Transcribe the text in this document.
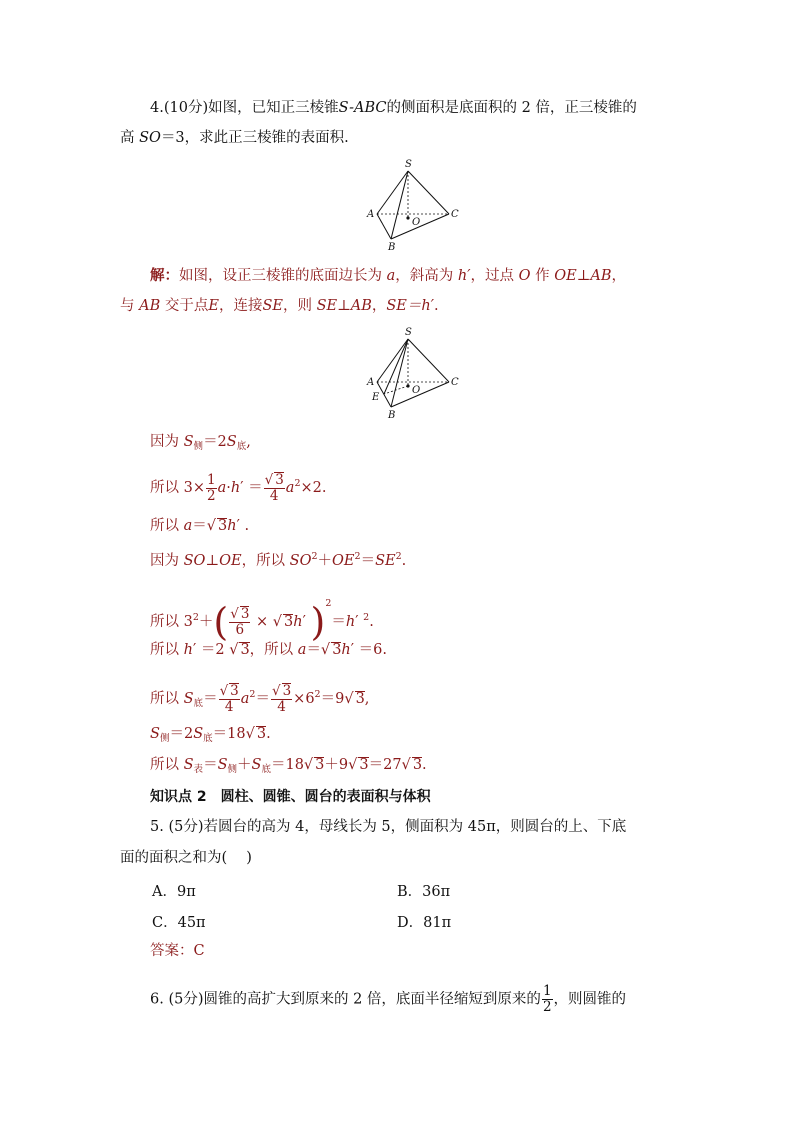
4.(10分)如图，已知正三棱锥S-ABC的侧面积是底面积的 2 倍，正三棱锥的
高 SO＝3，求此正三棱锥的表面积.
S
A
B
C
O
解：如图，设正三棱锥的底面边长为 a，斜高为 h′，过点 O 作 OE⊥AB，
与 AB 交于点E，连接SE，则 SE⊥AB，SE＝h′.
S
A
E
B
C
O
因为 $S_侧=2S_底$,
所以 $3\times \frac{1}{2} a\cdot h' = \frac{√ 3}{4} a^2\times 2$.
所以 a＝√ 3h′ .
因为 SO⊥OE，所以 $SO^2+OE^2=SE^2$.
所以 $3^2+( \frac{√ 3}{6}$ × √ 3h′ )$^2$＝h′ $^2$.
所以 h′ ＝2 √ 3，所以 a＝√ 3h′ ＝6.
所以 $S_底= \frac{√ 3}{4} a^2= \frac{√ 3}{4} \times 6^2=9√$ 3,
$S_侧=2S_底=18√$ 3.
所以 $S_表=S_侧+S_底=18√$ 3＋9√ 3＝27√ 3.
知识点 2　圆柱、圆锥、圆台的表面积与体积
5. (5分)若圆台的高为 4，母线长为 5，侧面积为 45π，则圆台的上、下底
面的面积之和为(　 )
A．9π	B．36π
C．45π	D．81π
答案：C
6. (5分)圆锥的高扩大到原来的 2 倍，底面半径缩短到原来的 $\frac{1}{2}$ ，则圆锥的
